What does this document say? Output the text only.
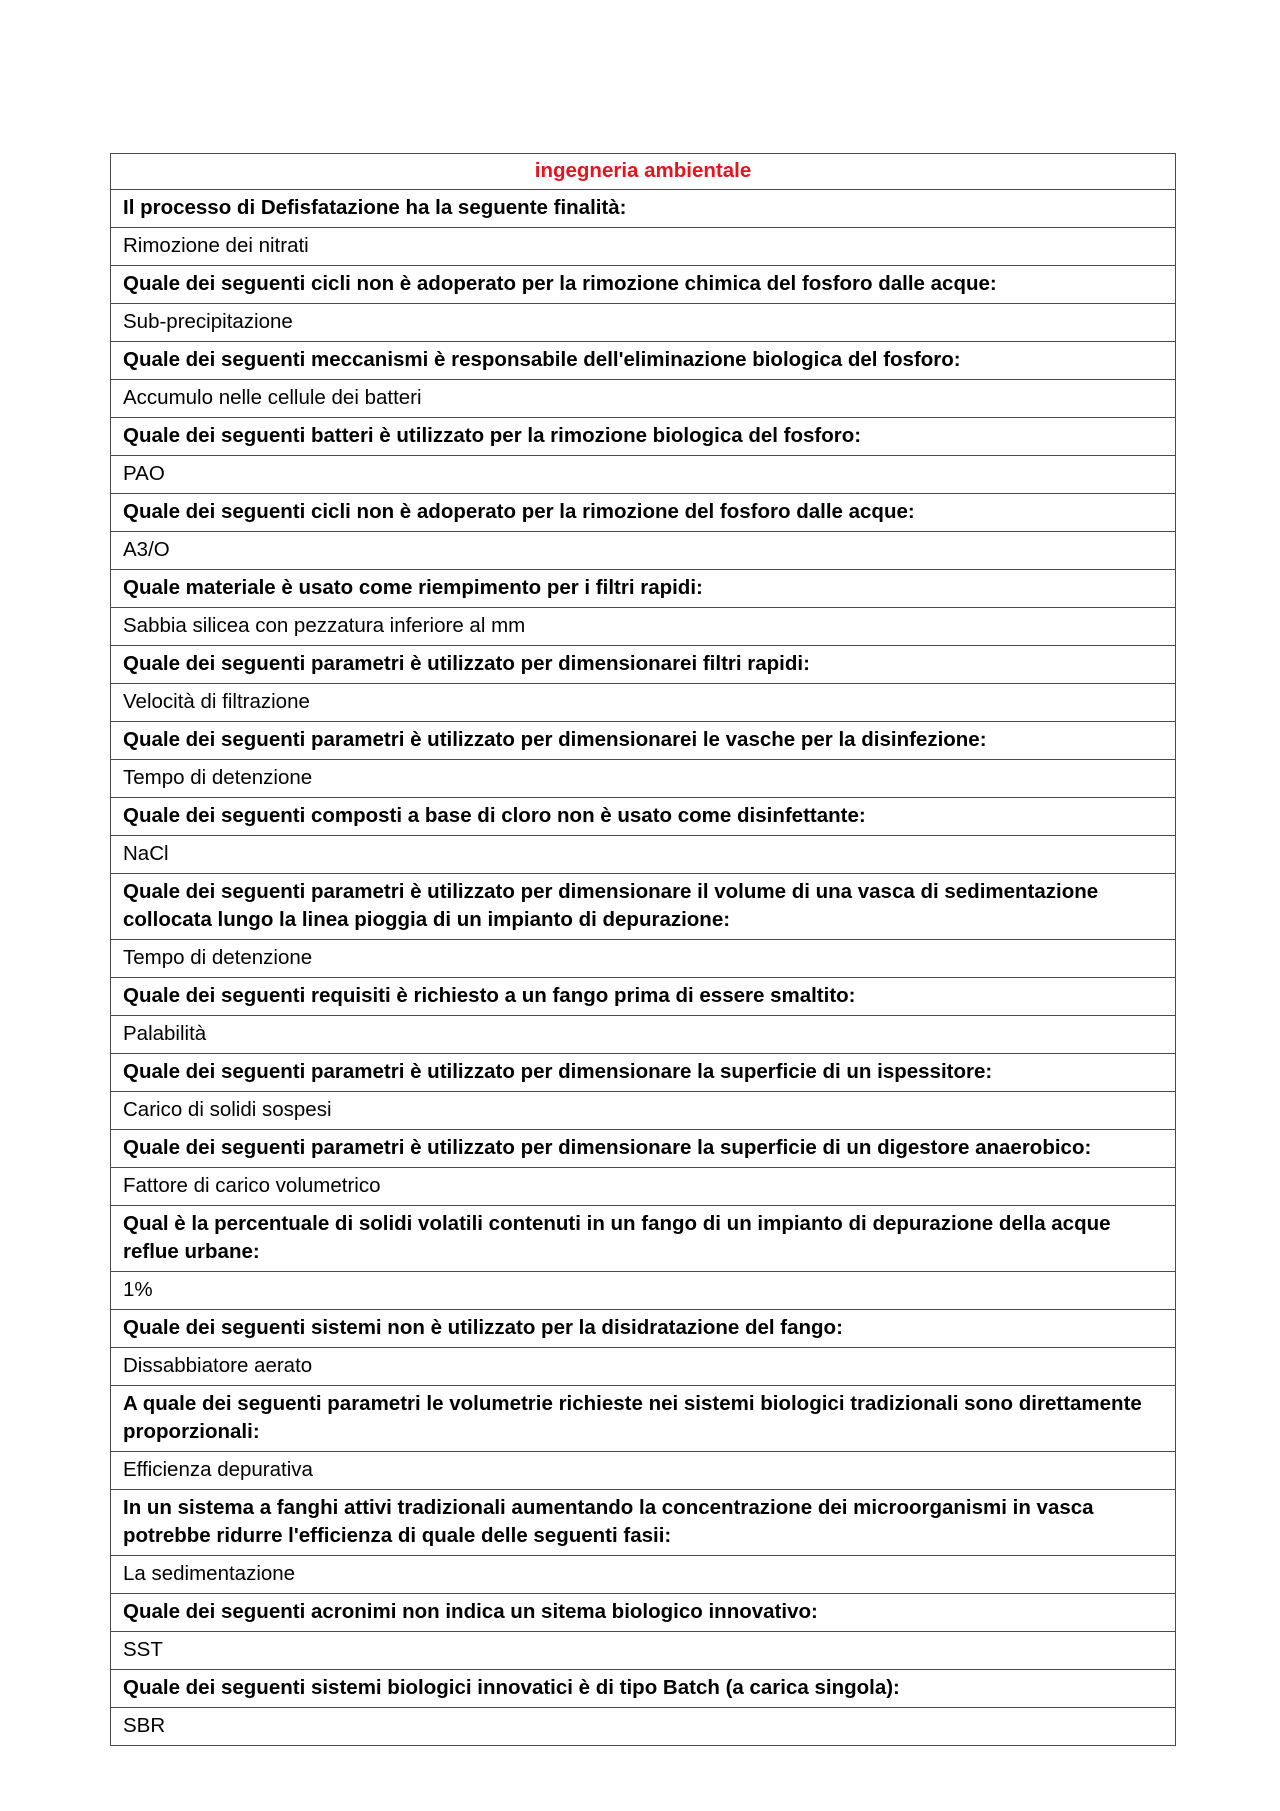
ingegneria ambientale
Il processo di Defisfatazione ha la seguente finalità:
Rimozione dei nitrati
Quale dei seguenti cicli non è adoperato per la rimozione chimica del fosforo dalle acque:
Sub-precipitazione
Quale dei seguenti meccanismi è responsabile dell'eliminazione biologica del fosforo:
Accumulo nelle cellule dei batteri
Quale dei seguenti batteri è utilizzato per la rimozione biologica del fosforo:
PAO
Quale dei seguenti cicli non è adoperato per la rimozione del fosforo dalle acque:
A3/O
Quale materiale è usato come riempimento per i filtri rapidi:
Sabbia silicea con pezzatura inferiore al mm
Quale dei seguenti parametri è utilizzato per dimensionarei filtri rapidi:
Velocità di filtrazione
Quale dei seguenti parametri è utilizzato per dimensionarei le vasche per la disinfezione:
Tempo di detenzione
Quale dei seguenti composti a base di cloro non è usato come disinfettante:
NaCl
Quale dei seguenti parametri è utilizzato per dimensionare il volume di una vasca di sedimentazione collocata lungo la linea pioggia di un impianto di depurazione:
Tempo di detenzione
Quale dei seguenti requisiti è richiesto a un fango prima di essere smaltito:
Palabilità
Quale dei seguenti parametri è utilizzato per dimensionare la superficie di un ispessitore:
Carico di solidi sospesi
Quale dei seguenti parametri è utilizzato per dimensionare la superficie di un digestore anaerobico:
Fattore di carico volumetrico
Qual è la percentuale di solidi volatili contenuti in un fango di un impianto di depurazione della acque reflue urbane:
1%
Quale dei seguenti sistemi non è utilizzato per la disidratazione del fango:
Dissabbiatore aerato
A quale dei seguenti parametri le volumetrie richieste nei sistemi biologici tradizionali sono direttamente proporzionali:
Efficienza depurativa
In un sistema a fanghi attivi tradizionali aumentando la concentrazione dei microorganismi in vasca potrebbe ridurre l'efficienza di quale delle seguenti fasii:
La sedimentazione
Quale dei seguenti acronimi non indica un sitema biologico innovativo:
SST
Quale dei seguenti sistemi biologici innovatici è di tipo Batch (a carica singola):
SBR
